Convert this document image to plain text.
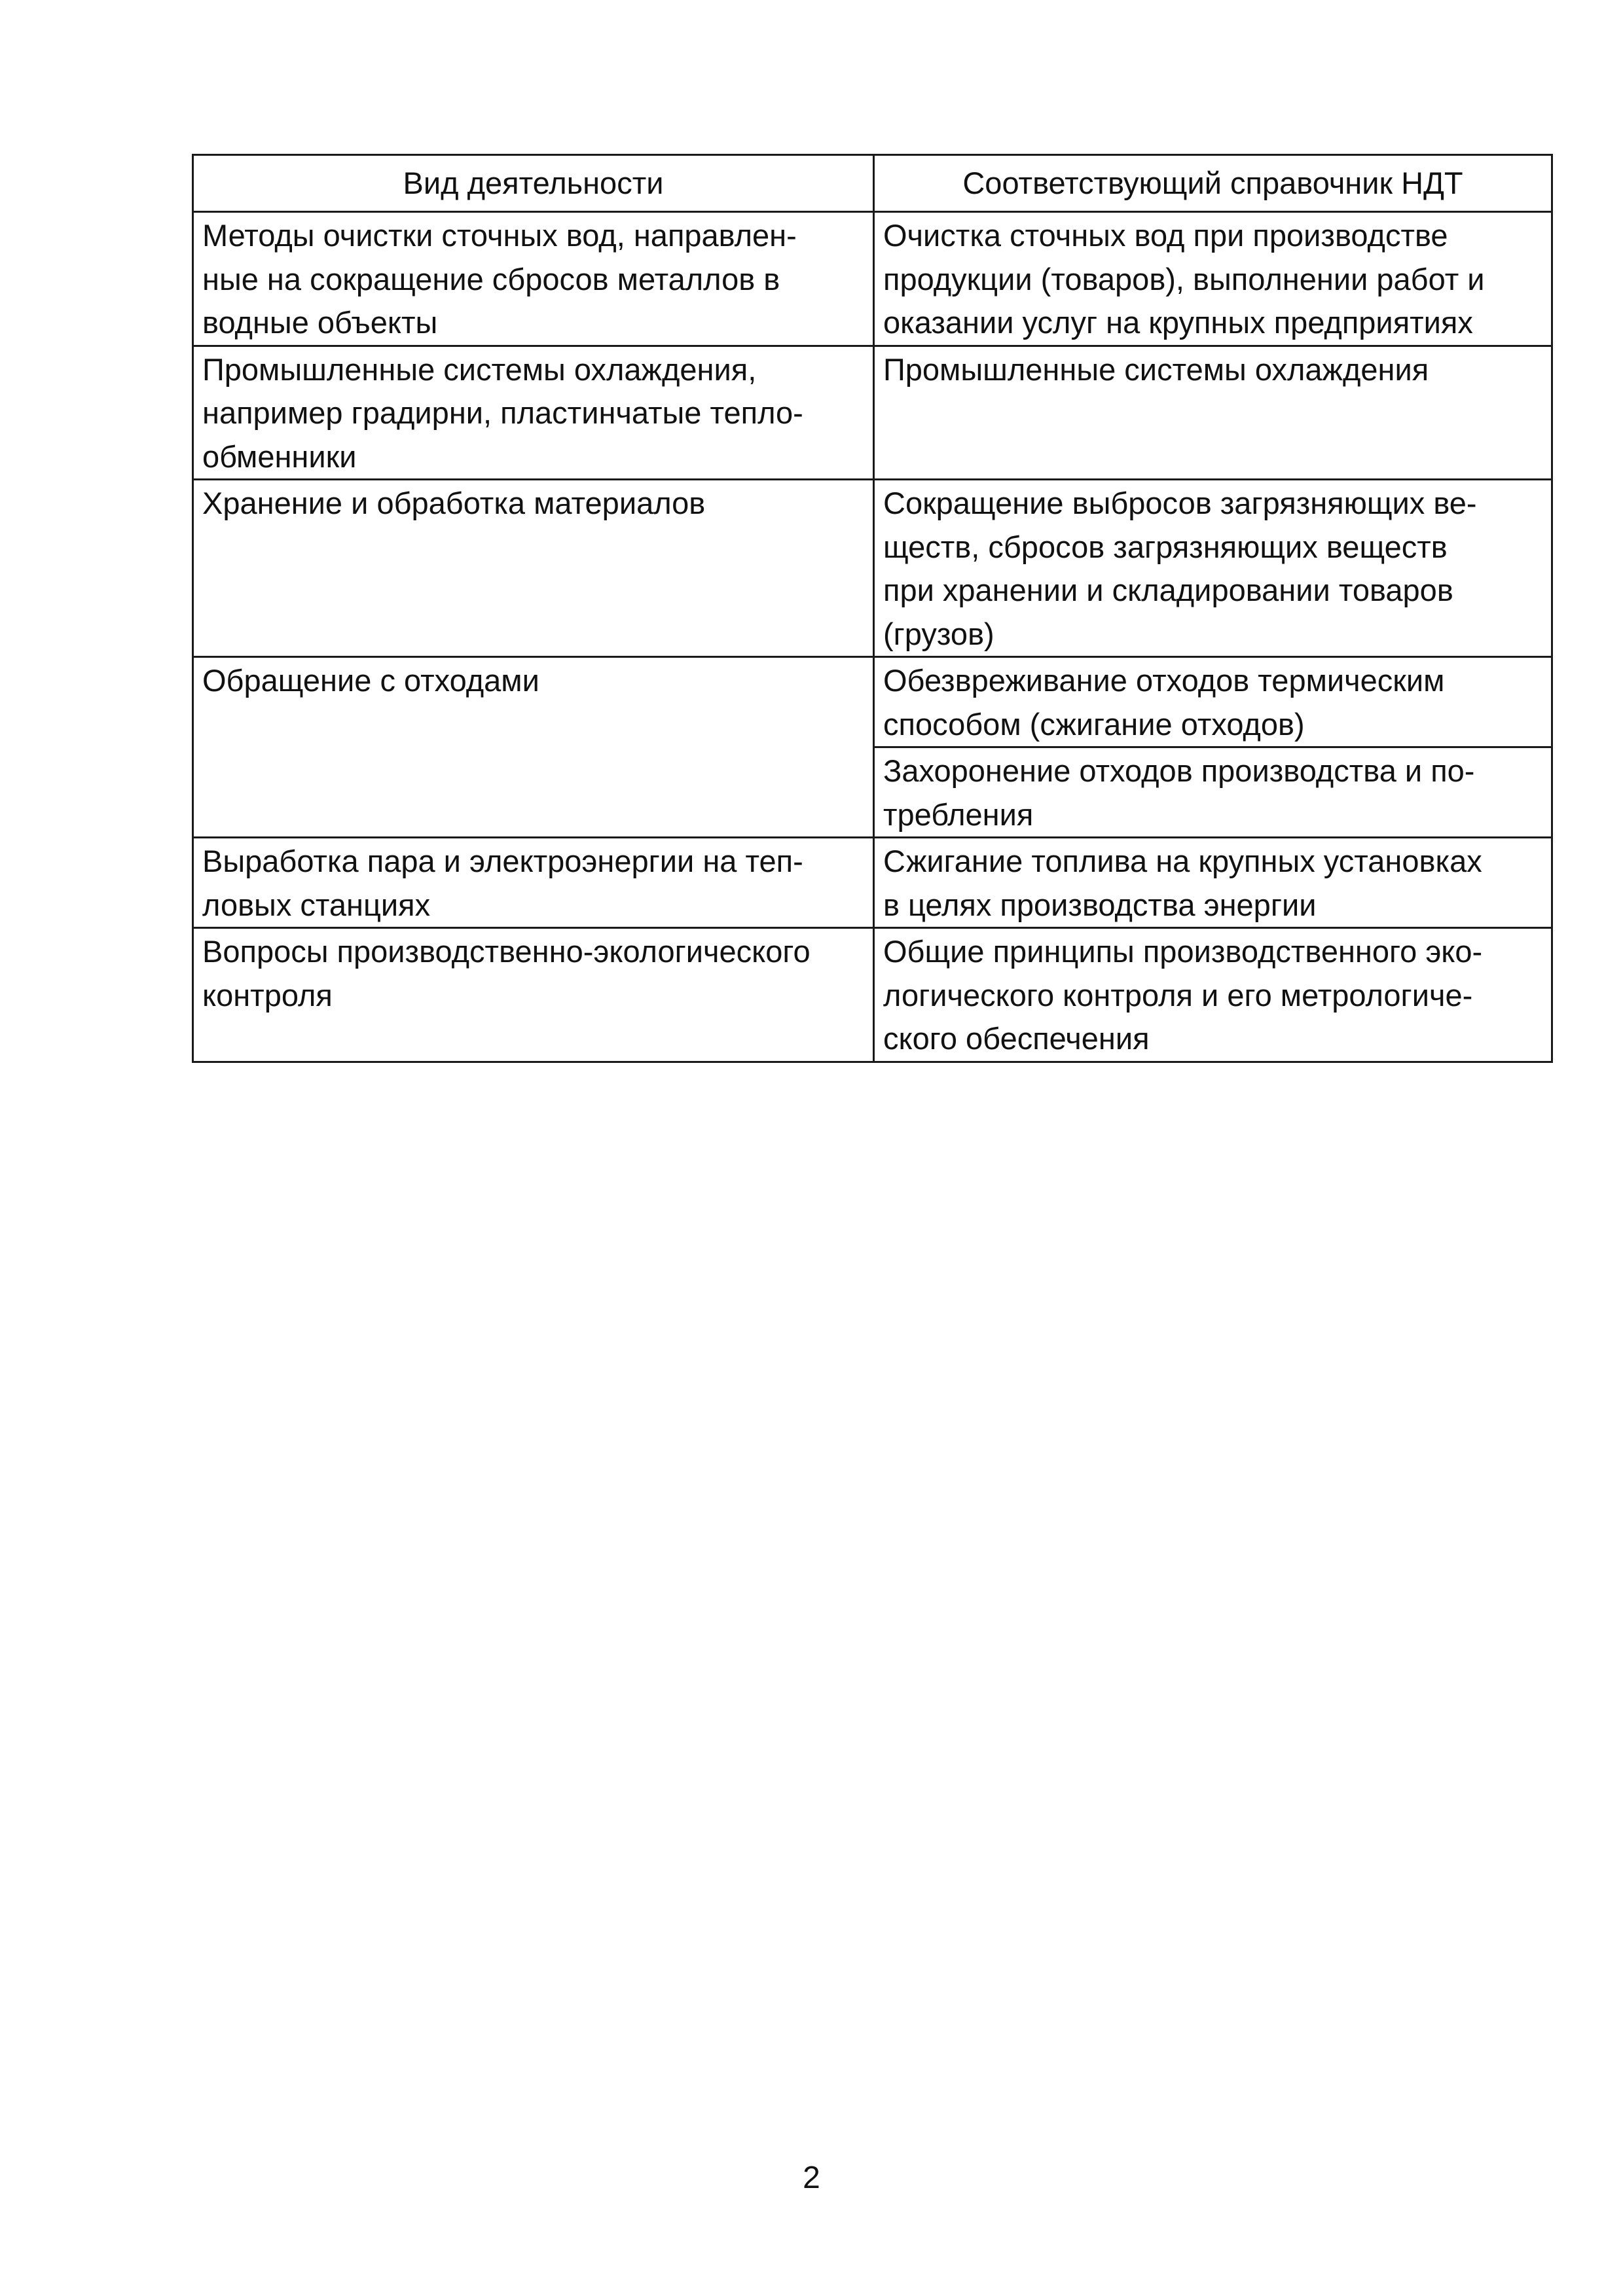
Вид деятельности	Соответствующий справочник НДТ

Методы очистки сточных вод, направлен-
ные на сокращение сбросов металлов в
водные объекты	Очистка сточных вод при производстве
продукции (товаров), выполнении работ и
оказании услуг на крупных предприятиях

Промышленные системы охлаждения,
например градирни, пластинчатые тепло-
обменники	Промышленные системы охлаждения

Хранение и обработка материалов	Сокращение выбросов загрязняющих ве-
ществ, сбросов загрязняющих веществ
при хранении и складировании товаров
(грузов)

Обращение с отходами	Обезвреживание отходов термическим
способом (сжигание отходов)

	Захоронение отходов производства и по-
требления

Выработка пара и электроэнергии на теп-
ловых станциях	Сжигание топлива на крупных установках
в целях производства энергии

Вопросы производственно-экологического
контроля	Общие принципы производственного эко-
логического контроля и его метрологиче-
ского обеспечения
2
